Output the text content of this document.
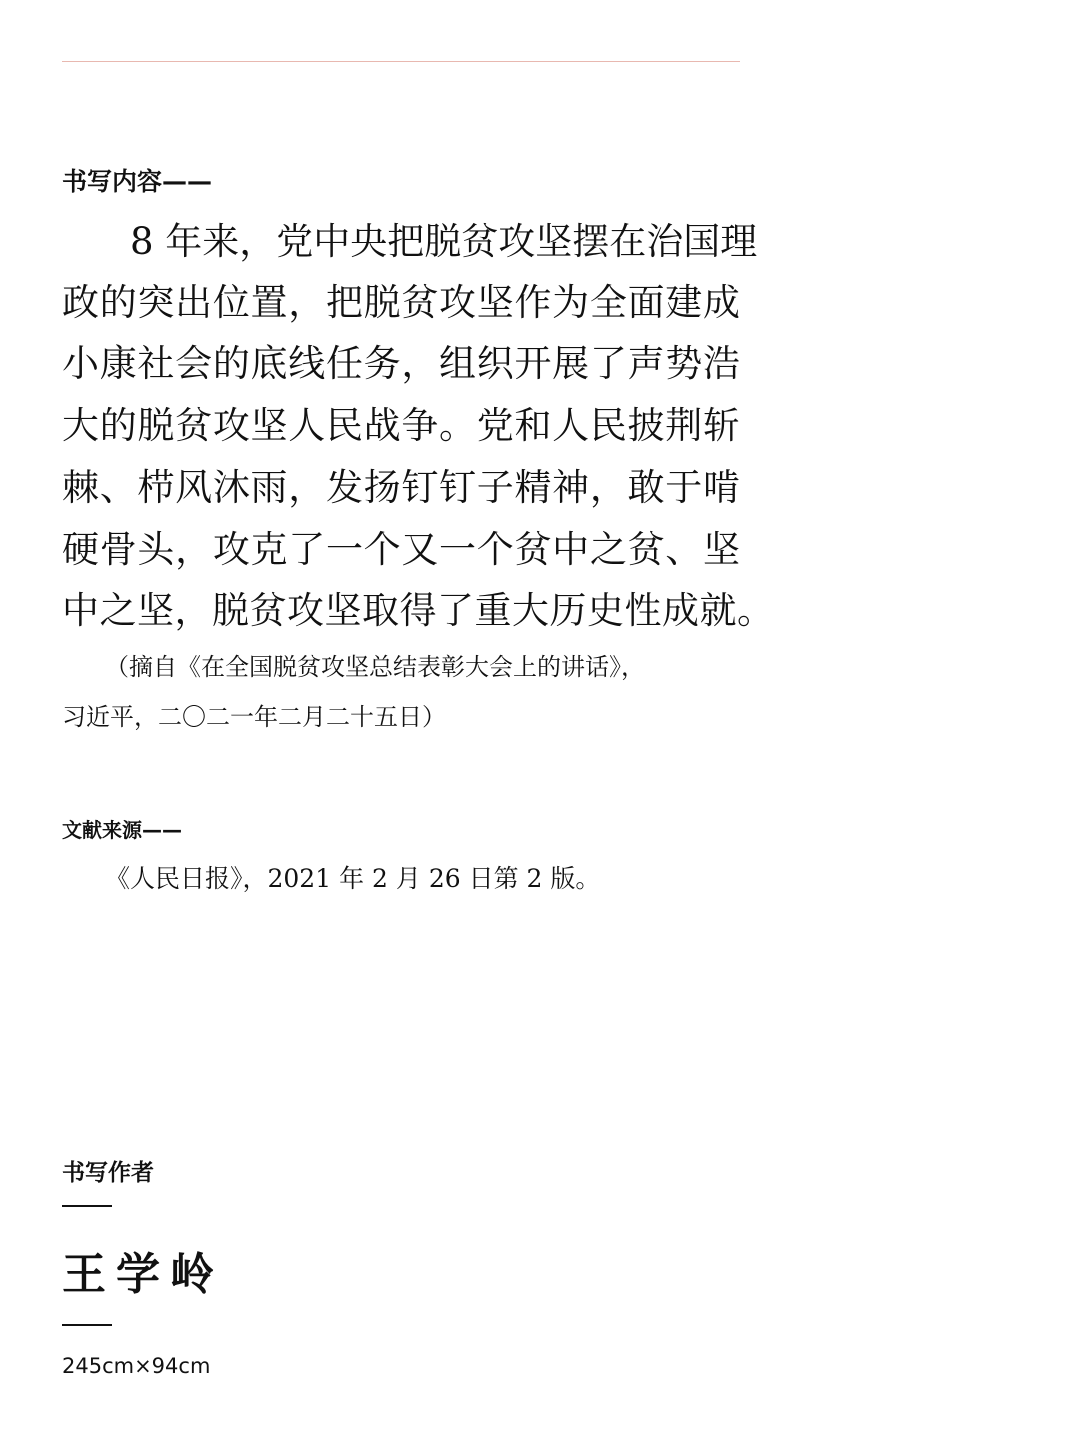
书写内容——
8 年来，党中央把脱贫攻坚摆在治国理
政的突出位置，把脱贫攻坚作为全面建成
小康社会的底线任务，组织开展了声势浩
大的脱贫攻坚人民战争。党和人民披荆斩
棘、栉风沐雨，发扬钉钉子精神，敢于啃
硬骨头，攻克了一个又一个贫中之贫、坚
中之坚，脱贫攻坚取得了重大历史性成就。
（摘自《在全国脱贫攻坚总结表彰大会上的讲话》，
习近平，二〇二一年二月二十五日）
文献来源——
《人民日报》，2021 年 2 月 26 日第 2 版。
书写作者
王学岭
245cm×94cm
